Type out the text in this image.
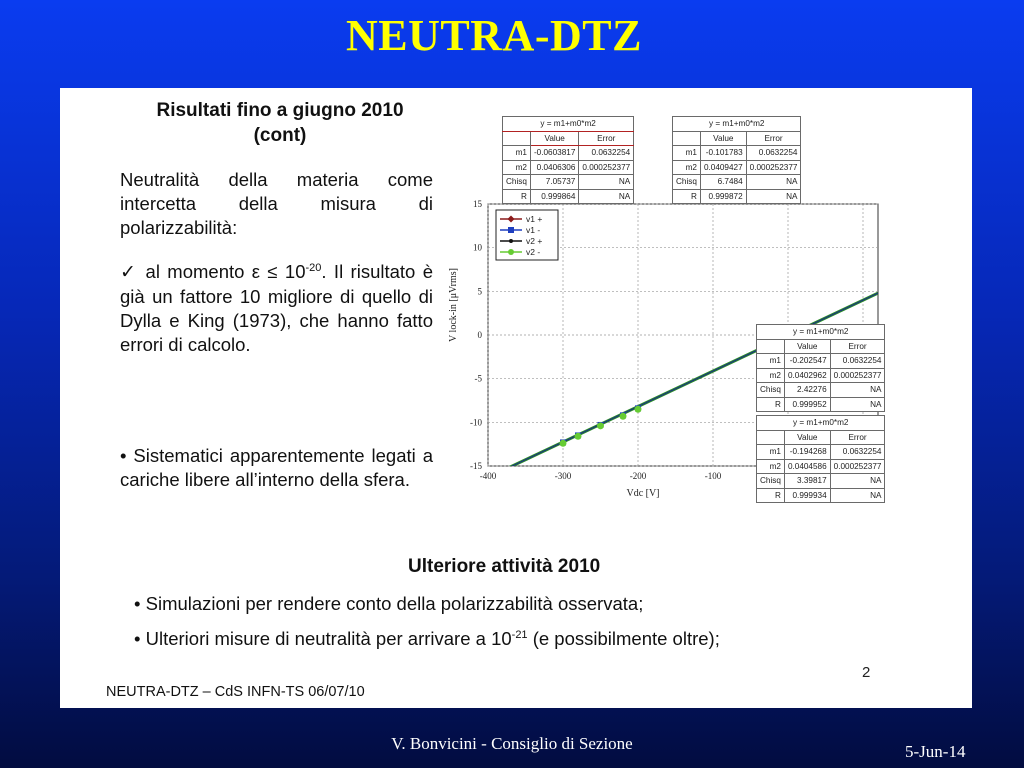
NEUTRA-DTZ
Risultati fino a giugno 2010
(cont)
Neutralità della materia come intercetta della misura di polarizzabilità:
✓ al momento $\varepsilon \le 10^{-20}$. Il risultato è già un fattore 10 migliore di quello di Dylla e King (1973), che hanno fatto errori di calcolo.
• Sistematici apparentemente legati a cariche libere all’interno della sfera.	-400	-300	-200	-100
-15
-10
-5
0
5
10
15
Vdc [V]
V lock-in [μVrms]
v1 +
v1 -
v2 +
v2 -
y = m1+m0*m2		
	Value	Error
m1	-0.0603817	0.0632254
m2	0.0406306	0.000252377
Chisq	7.05737	NA
R	0.999864	NA
y = m1+m0*m2		
	Value	Error
m1	-0.101783	0.0632254
m2	0.0409427	0.000252377
Chisq	6.7484	NA
R	0.999872	NA
y = m1+m0*m2		
	Value	Error
m1	-0.202547	0.0632254
m2	0.0402962	0.000252377
Chisq	2.42276	NA
R	0.999952	NA
y = m1+m0*m2		
	Value	Error
m1	-0.194268	0.0632254
m2	0.0404586	0.000252377
Chisq	3.39817	NA
R	0.999934	NA
Ulteriore attività 2010
• Simulazioni per rendere conto della polarizzabilità osservata;
• Ulteriori misure di neutralità per arrivare a $10^{-21}$ (e possibilmente oltre);
2
NEUTRA-DTZ – CdS INFN-TS 06/07/10
V. Bonvicini - Consiglio di Sezione	5-Jun-14
